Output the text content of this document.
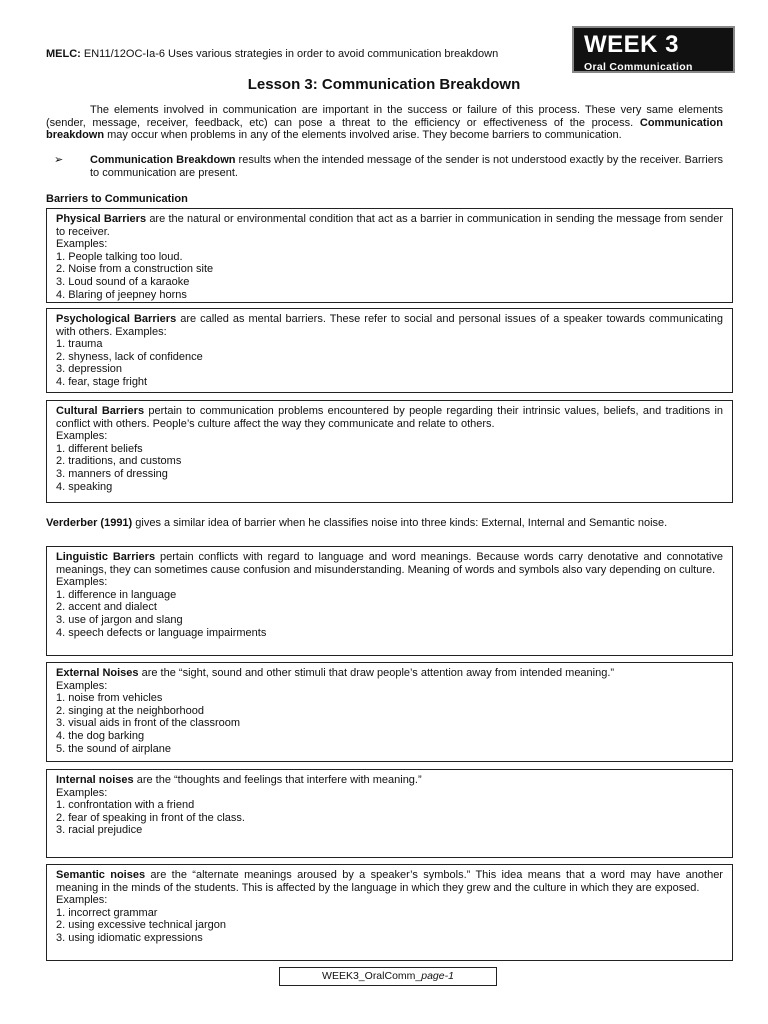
WEEK 3
Oral Communication
MELC: EN11/12OC-Ia-6 Uses various strategies in order to avoid communication breakdown
Lesson 3: Communication Breakdown

The elements involved in communication are important in the success or failure of this process. These very same elements (sender, message, receiver, feedback, etc) can pose a threat to the efficiency or effectiveness of the process. Communication breakdown may occur when problems in any of the elements involved arise. They become barriers to communication.

➢	Communication Breakdown results when the intended message of the sender is not understood exactly by the receiver. Barriers to communication are present.
Barriers to Communication
Physical Barriers are the natural or environmental condition that act as a barrier in communication in sending the message from sender to receiver.
Examples:
1. People talking too loud.
2. Noise from a construction site
3. Loud sound of a karaoke
4. Blaring of jeepney horns
Psychological Barriers are called as mental barriers. These refer to social and personal issues of a speaker towards communicating with others. Examples:
1. trauma
2. shyness, lack of confidence
3. depression
4. fear, stage fright
Cultural Barriers pertain to communication problems encountered by people regarding their intrinsic values, beliefs, and traditions in conflict with others. People’s culture affect the way they communicate and relate to others.
Examples:
1. different beliefs
2. traditions, and customs
3. manners of dressing
4. speaking
Verderber (1991) gives a similar idea of barrier when he classifies noise into three kinds: External, Internal and Semantic noise.
Linguistic Barriers pertain conflicts with regard to language and word meanings. Because words carry denotative and connotative meanings, they can sometimes cause confusion and misunderstanding. Meaning of words and symbols also vary depending on culture.
Examples:
1. difference in language
2. accent and dialect
3. use of jargon and slang
4. speech defects or language impairments
External Noises are the “sight, sound and other stimuli that draw people’s attention away from intended meaning.”
Examples:
1. noise from vehicles
2. singing at the neighborhood
3. visual aids in front of the classroom
4. the dog barking
5. the sound of airplane
Internal noises are the “thoughts and feelings that interfere with meaning.”
Examples:
1. confrontation with a friend
2. fear of speaking in front of the class.
3. racial prejudice
Semantic noises are the “alternate meanings aroused by a speaker’s symbols.” This idea means that a word may have another meaning in the minds of the students. This is affected by the language in which they grew and the culture in which they are exposed.
Examples:
1. incorrect grammar
2. using excessive technical jargon
3. using idiomatic expressions
WEEK3_OralComm_page-1
